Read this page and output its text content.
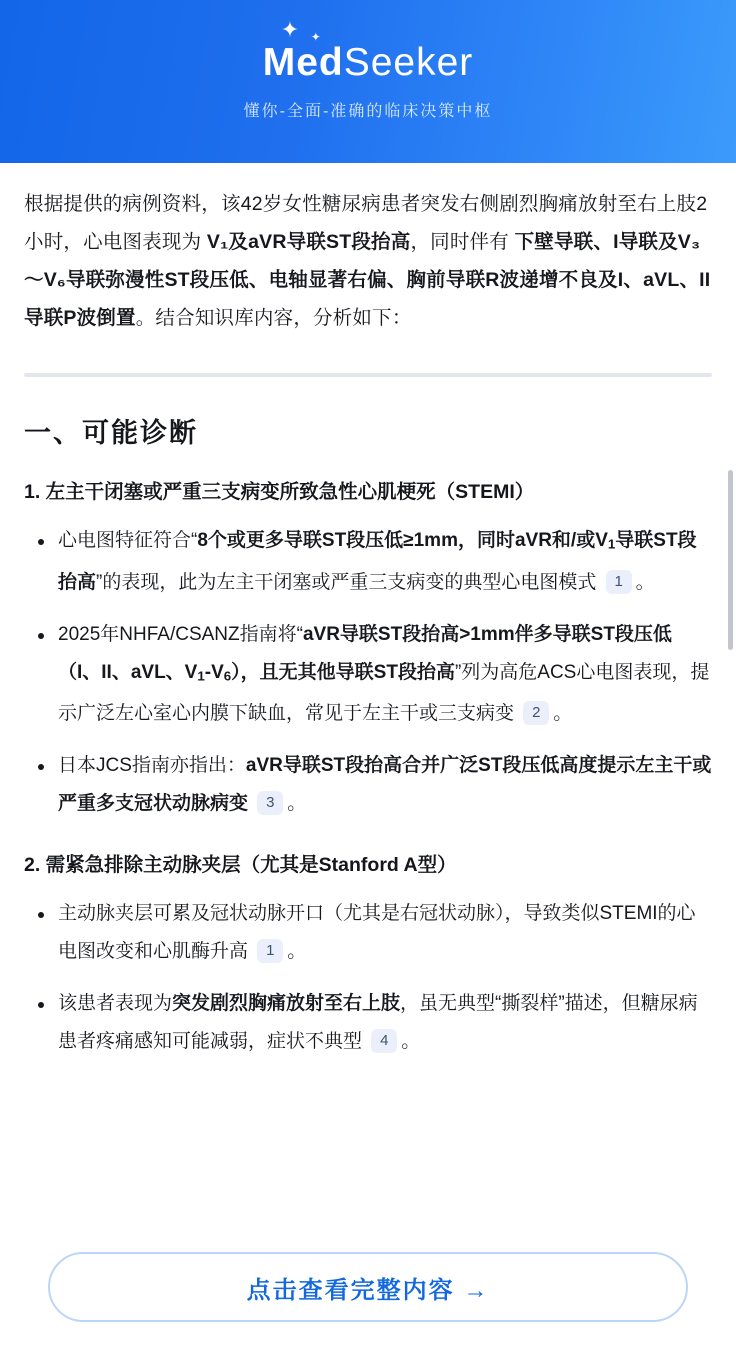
✦ ✦
MedSeeker
懂你-全面-准确的临床决策中枢

根据提供的病例资料，该42岁女性糖尿病患者突发右侧剧烈胸痛放射至右上肢2小时，心电图表现为 V₁及aVR导联ST段抬高，同时伴有 下壁导联、I导联及V₃～V₆导联弥漫性ST段压低、电轴显著右偏、胸前导联R波递增不良及I、aVL、II导联P波倒置。结合知识库内容，分析如下：

一、可能诊断
1. 左主干闭塞或严重三支病变所致急性心肌梗死（STEMI）
心电图特征符合“8个或更多导联ST段压低≥1mm，同时aVR和/或$V_1$导联ST段抬高”的表现，此为左主干闭塞或严重三支病变的典型心电图模式 1 。
2025年NHFA/CSANZ指南将“aVR导联ST段抬高>1mm伴多导联ST段压低（I、II、aVL、$V_1-V_6$），且无其他导联ST段抬高”列为高危ACS心电图表现，提示广泛左心室心内膜下缺血，常见于左主干或三支病变 2 。
日本JCS指南亦指出：aVR导联ST段抬高合并广泛ST段压低高度提示左主干或严重多支冠状动脉病变 3 。
2. 需紧急排除主动脉夹层（尤其是Stanford A型）
主动脉夹层可累及冠状动脉开口（尤其是右冠状动脉），导致类似STEMI的心电图改变和心肌酶升高 1 。
该患者表现为突发剧烈胸痛放射至右上肢，虽无典型“撕裂样”描述，但糖尿病患者疼痛感知可能减弱，症状不典型 4 。
点击查看完整内容 →
